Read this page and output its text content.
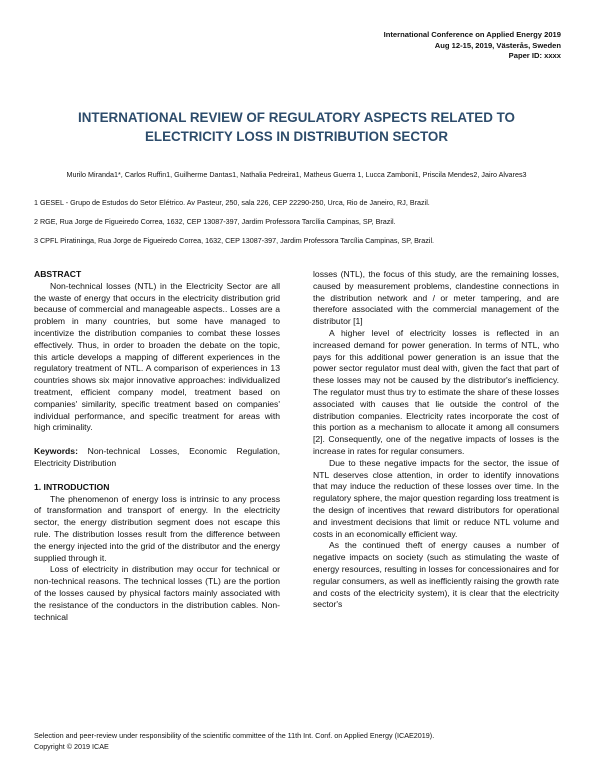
International Conference on Applied Energy 2019
Aug 12-15, 2019, Västerås, Sweden
Paper ID: xxxx
INTERNATIONAL REVIEW OF REGULATORY ASPECTS RELATED TO ELECTRICITY LOSS IN DISTRIBUTION SECTOR
Murilo Miranda1*, Carlos Ruffin1, Guilherme Dantas1, Nathalia Pedreira1, Matheus Guerra 1, Lucca Zamboni1, Priscila Mendes2, Jairo Alvares3
1 GESEL - Grupo de Estudos do Setor Elétrico. Av Pasteur, 250, sala 226, CEP 22290-250, Urca, Rio de Janeiro, RJ, Brazil.
2 RGE, Rua Jorge de Figueiredo Correa, 1632, CEP 13087-397, Jardim Professora Tarcília Campinas, SP, Brazil.
3 CPFL Piratininga, Rua Jorge de Figueiredo Correa, 1632, CEP 13087-397, Jardim Professora Tarcília Campinas, SP, Brazil.

ABSTRACT

Non-technical losses (NTL) in the Electricity Sector are all the waste of energy that occurs in the electricity distribution grid because of commercial and manageable aspects.. Losses are a problem in many countries, but some have managed to incentivize the distribution companies to combat these losses effectively. Thus, in order to broaden the debate on the topic, this article develops a mapping of different experiences in the regulatory treatment of NTL. A comparison of experiences in 13 countries shows six major innovative approaches: individualized treatment, efficient company model, treatment based on companies' similarity, specific treatment based on companies' individual performance, and specific treatment for areas with high criminality.

Keywords: Non-technical Losses, Economic Regulation, Electricity Distribution

1. INTRODUCTION

The phenomenon of energy loss is intrinsic to any process of transformation and transport of energy. In the electricity sector, the energy distribution segment does not escape this rule. The distribution losses result from the difference between the energy injected into the grid of the distributor and the energy supplied through it.

Loss of electricity in distribution may occur for technical or non-technical reasons. The technical losses (TL) are the portion of the losses caused by physical factors mainly associated with the resistance of the conductors in the distribution cables. Non-technical

losses (NTL), the focus of this study, are the remaining losses, caused by measurement problems, clandestine connections in the distribution network and / or meter tampering, and are therefore associated with the commercial management of the distributor [1]

A higher level of electricity losses is reflected in an increased demand for power generation. In terms of NTL, who pays for this additional power generation is an issue that the power sector regulator must deal with, given the fact that part of these losses may not be caused by the distributor's inefficiency. The regulator must thus try to estimate the share of these losses associated with causes that lie outside the control of the distribution companies. Electricity rates incorporate the cost of this portion as a mechanism to allocate it among all consumers [2]. Consequently, one of the negative impacts of losses is the increase in rates for regular consumers.

Due to these negative impacts for the sector, the issue of NTL deserves close attention, in order to identify innovations that may induce the reduction of these losses over time. In the regulatory sphere, the major question regarding loss treatment is the design of incentives that reward distributors for operational and investment decisions that limit or reduce NTL volume and costs in an economically efficient way.

As the continued theft of energy causes a number of negative impacts on society (such as stimulating the waste of energy resources, resulting in losses for concessionaires and for regular consumers, as well as inefficiently raising the growth rate and costs of the electricity system), it is clear that the electricity sector's

Selection and peer-review under responsibility of the scientific committee of the 11th Int. Conf. on Applied Energy (ICAE2019).
Copyright © 2019 ICAE
